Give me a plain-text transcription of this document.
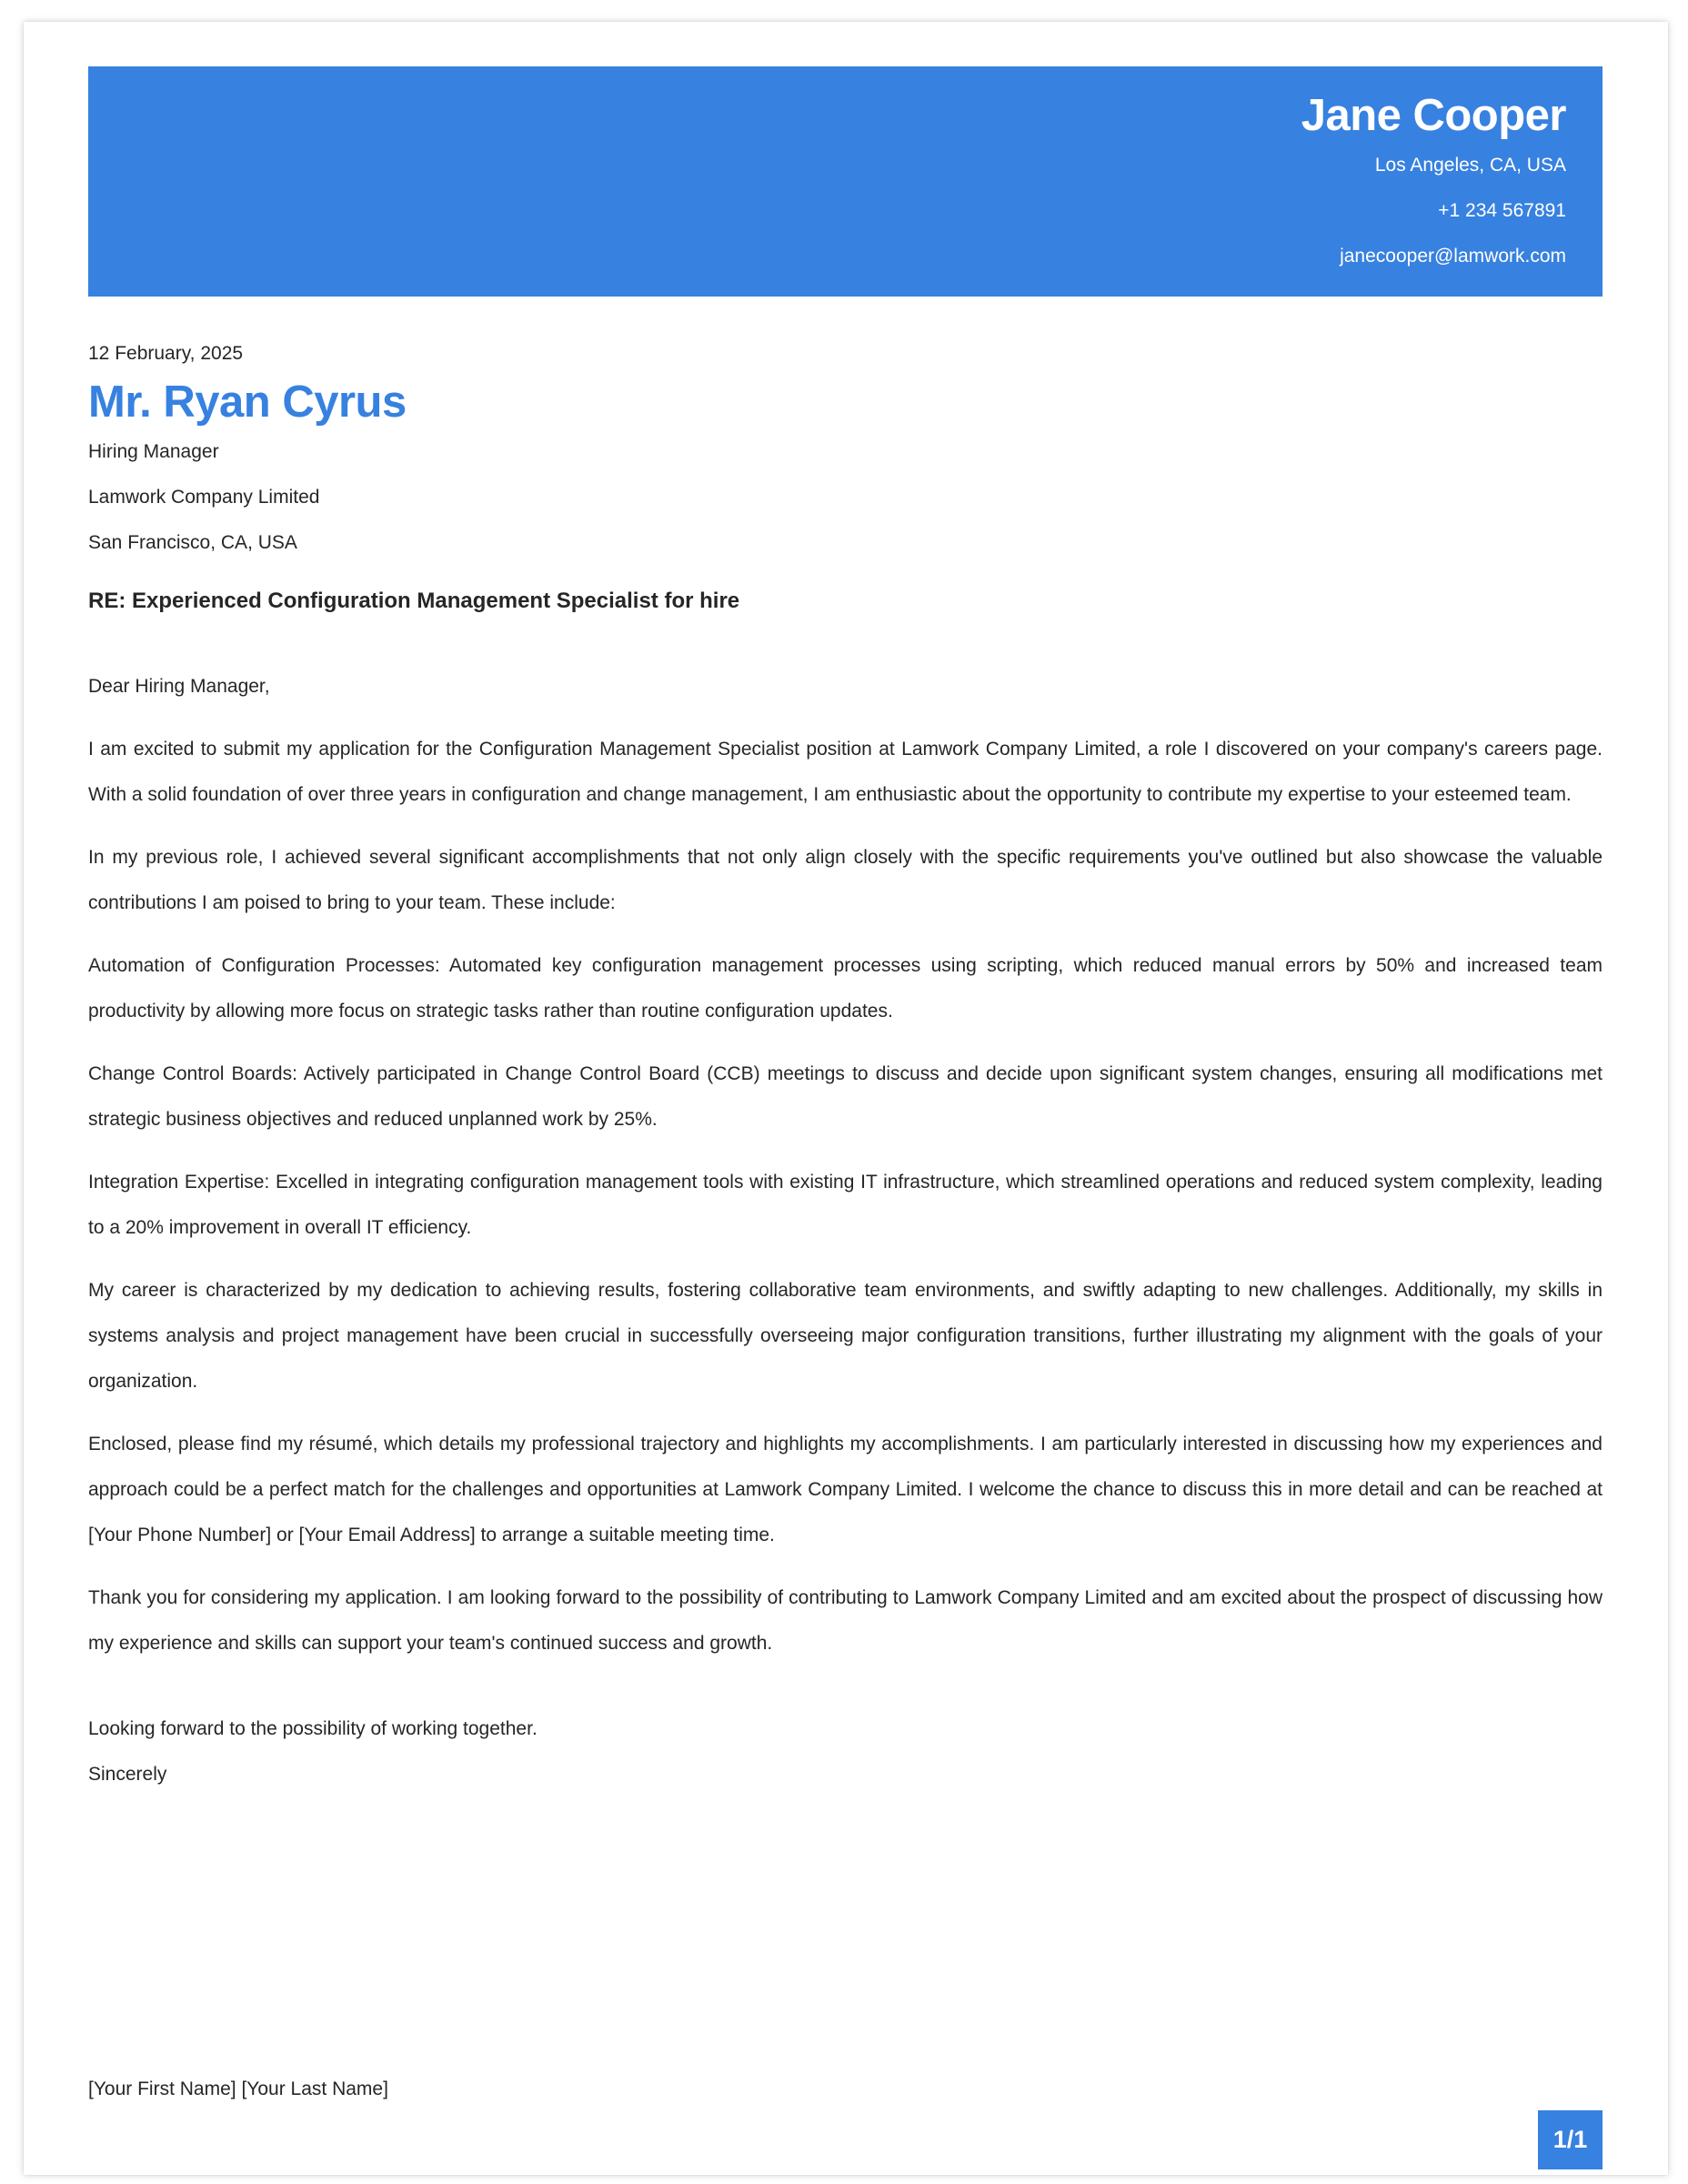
Jane Cooper
Los Angeles, CA, USA
+1 234 567891
janecooper@lamwork.com
12 February, 2025
Mr. Ryan Cyrus
Hiring Manager
Lamwork Company Limited
San Francisco, CA, USA
RE: Experienced Configuration Management Specialist for hire
Dear Hiring Manager,

I am excited to submit my application for the Configuration Management Specialist position at Lamwork Company Limited, a role I discovered on your company's careers page. With a solid foundation of over three years in configuration and change management, I am enthusiastic about the opportunity to contribute my expertise to your esteemed team.

In my previous role, I achieved several significant accomplishments that not only align closely with the specific requirements you've outlined but also showcase the valuable contributions I am poised to bring to your team. These include:

Automation of Configuration Processes: Automated key configuration management processes using scripting, which reduced manual errors by 50% and increased team productivity by allowing more focus on strategic tasks rather than routine configuration updates.

Change Control Boards: Actively participated in Change Control Board (CCB) meetings to discuss and decide upon significant system changes, ensuring all modifications met strategic business objectives and reduced unplanned work by 25%.

Integration Expertise: Excelled in integrating configuration management tools with existing IT infrastructure, which streamlined operations and reduced system complexity, leading to a 20% improvement in overall IT efficiency.

My career is characterized by my dedication to achieving results, fostering collaborative team environments, and swiftly adapting to new challenges. Additionally, my skills in systems analysis and project management have been crucial in successfully overseeing major configuration transitions, further illustrating my alignment with the goals of your organization.

Enclosed, please find my résumé, which details my professional trajectory and highlights my accomplishments. I am particularly interested in discussing how my experiences and approach could be a perfect match for the challenges and opportunities at Lamwork Company Limited. I welcome the chance to discuss this in more detail and can be reached at [Your Phone Number] or [Your Email Address] to arrange a suitable meeting time.

Thank you for considering my application. I am looking forward to the possibility of contributing to Lamwork Company Limited and am excited about the prospect of discussing how my experience and skills can support your team's continued success and growth.

Looking forward to the possibility of working together.
Sincerely
[Your First Name] [Your Last Name]
1/1
